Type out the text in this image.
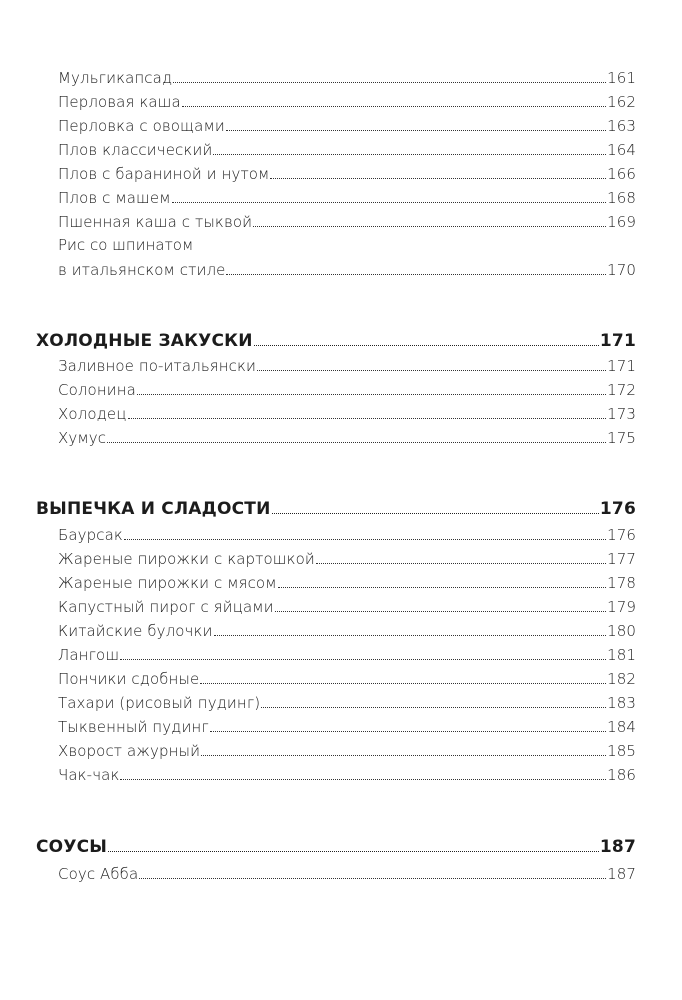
Мульгикапсад	161
Перловая каша	162
Перловка с овощами	163
Плов классический	164
Плов с бараниной и нутом	166
Плов с машем	168
Пшенная каша с тыквой	169
Рис со шпинатом
в итальянском стиле	170
ХОЛОДНЫЕ ЗАКУСКИ	171
Заливное по-итальянски	171
Солонина	172
Холодец	173
Хумус	175
ВЫПЕЧКА И СЛАДОСТИ	176
Баурсак	176
Жареные пирожки с картошкой	177
Жареные пирожки с мясом	178
Капустный пирог с яйцами	179
Китайские булочки	180
Лангош	181
Пончики сдобные	182
Тахари (рисовый пудинг)	183
Тыквенный пудинг	184
Хворост ажурный	185
Чак-чак	186
СОУСЫ	187
Соус Абба	187
